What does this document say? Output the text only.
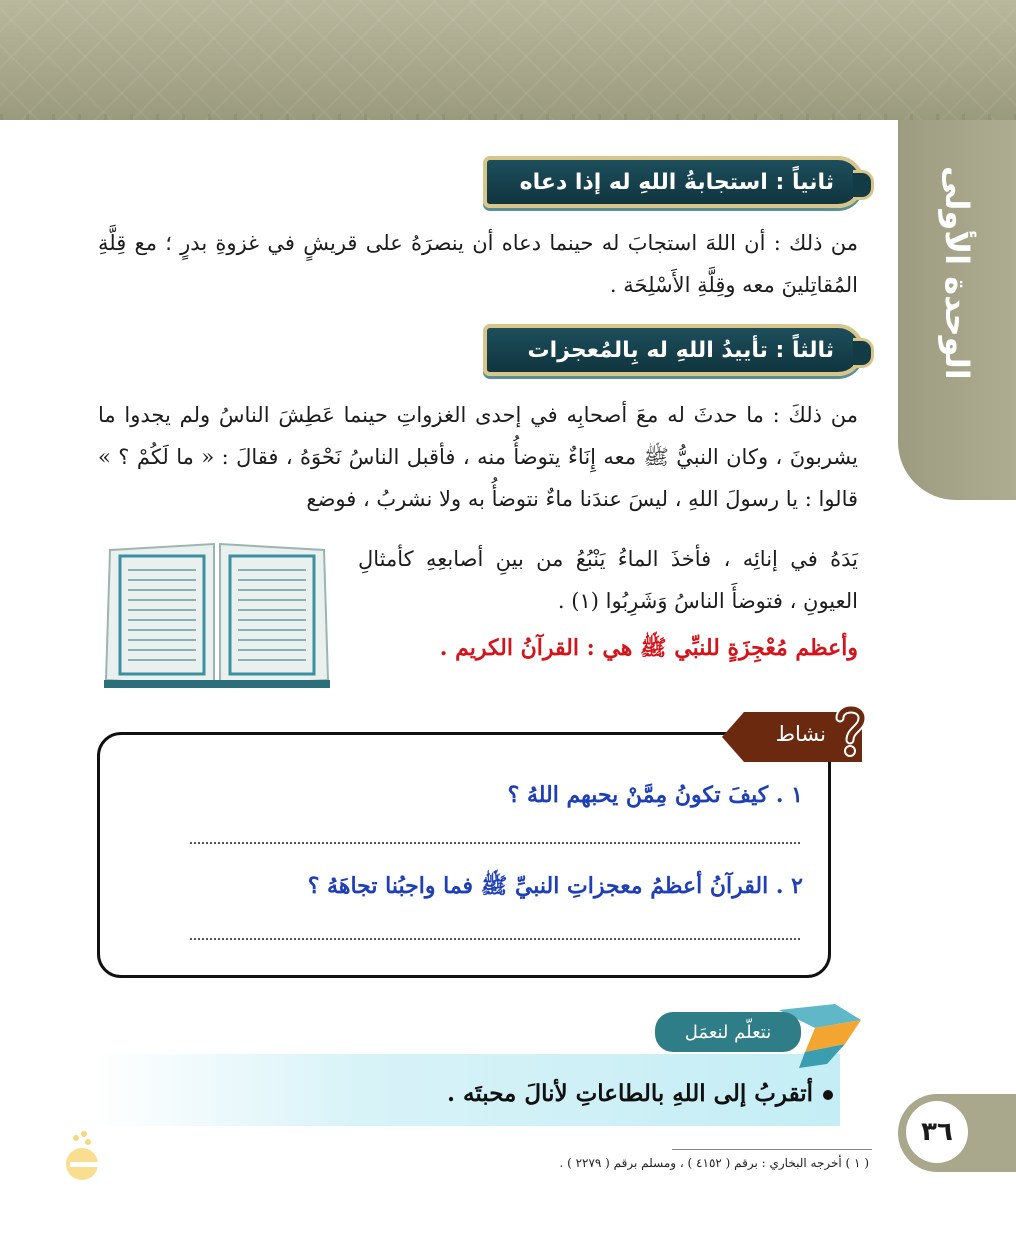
الوحدة الأولى
ثانياً : استجابةُ اللهِ له إذا دعاه
من ذلك : أن اللهَ استجابَ له حينما دعاه أن ينصرَهُ على قريشٍ في غزوةِ بدرٍ ؛ مع قِلَّةِ المُقاتِلينَ معه وقِلَّةِ الأَسْلِحَة .
ثالثاً : تأييدُ اللهِ له بِالمُعجزات
من ذلكَ : ما حدثَ له معَ أصحابِه في إحدى الغزواتِ حينما عَطِشَ الناسُ ولم يجدوا ما يشربونَ ، وكان النبيُّ ﷺ معه إِنَاءٌ يتوضأُ منه ، فأقبل الناسُ نَحْوَهُ ، فقالَ : « ما لَكُمْ ؟ » قالوا : يا رسولَ اللهِ ، ليسَ عندَنا ماءٌ نتوضأُ به ولا نشربُ ، فوضع
يَدَهُ في إنائِه ، فأخذَ الماءُ يَنْبُعُ من بينِ أصابعِهِ كأمثالِ العيونِ ، فتوضأَ الناسُ وَشَرِبُوا (١) .
وأعظم مُعْجِزَةٍ للنبِّي ﷺ هي : القرآنُ الكريم .
نشاط
١ . كيفَ تكونُ مِمَّنْ يحبهم اللهُ ؟
٢ . القرآنُ أعظمُ معجزاتِ النبيِّ ﷺ فما واجبُنا تجاهَهُ ؟
نتعلّم لنعمَل
أتقربُ إلى اللهِ بالطاعاتِ لأنالَ محبتَه .
٣٦
( ١ ) أخرجه البخاري : برقم ( ٤١٥٢ ) ، ومسلم برقم ( ٢٢٧٩ ) .
